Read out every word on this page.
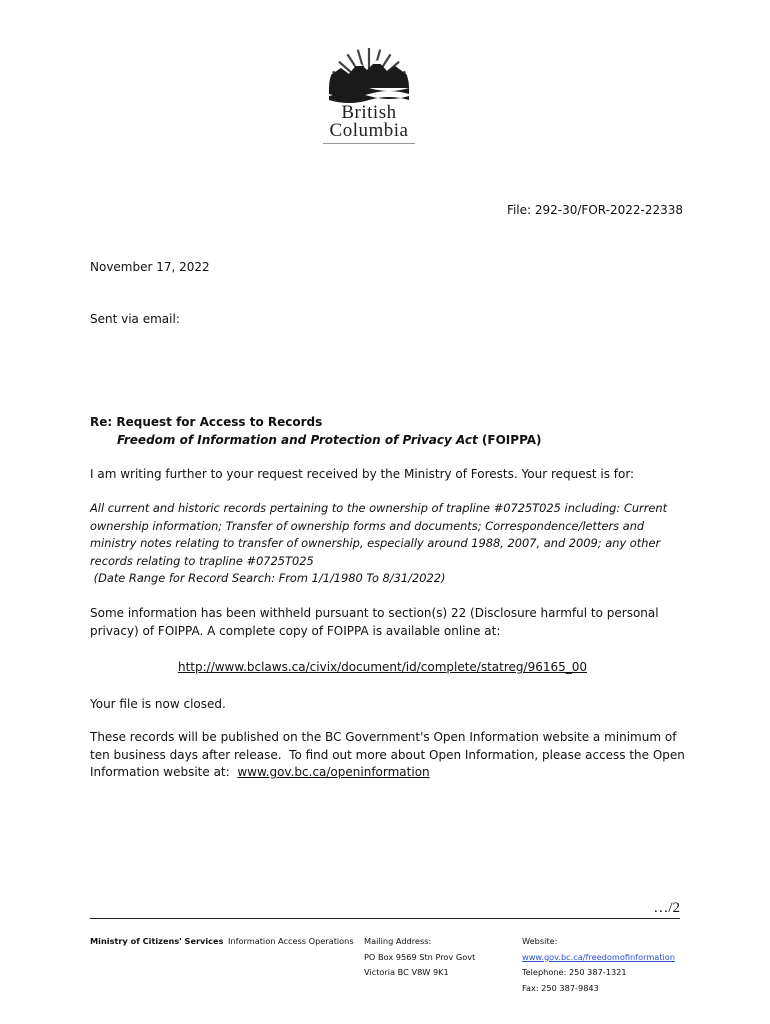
British
Columbia
File: 292-30/FOR-2022-22338
November 17, 2022
Sent via email:
Re: Request for Access to Records
Freedom of Information and Protection of Privacy Act (FOIPPA)
I am writing further to your request received by the Ministry of Forests. Your request is for:
All current and historic records pertaining to the ownership of trapline #0725T025 including: Current ownership information; Transfer of ownership forms and documents; Correspondence/letters and ministry notes relating to transfer of ownership, especially around 1988, 2007, and 2009; any other records relating to trapline #0725T025
(Date Range for Record Search: From 1/1/1980 To 8/31/2022)
Some information has been withheld pursuant to section(s) 22 (Disclosure harmful to personal privacy) of FOIPPA. A complete copy of FOIPPA is available online at:
http://www.bclaws.ca/civix/document/id/complete/statreg/96165_00
Your file is now closed.
These records will be published on the BC Government's Open Information website a minimum of ten business days after release.  To find out more about Open Information, please access the Open Information website at:  www.gov.bc.ca/openinformation
…/2
Ministry of Citizens' Services Information Access Operations Mailing Address:
PO Box 9569 Stn Prov Govt
Victoria BC V8W 9K1
Website:
www.gov.bc.ca/freedomofinformation
Telephone: 250 387-1321
Fax: 250 387-9843
